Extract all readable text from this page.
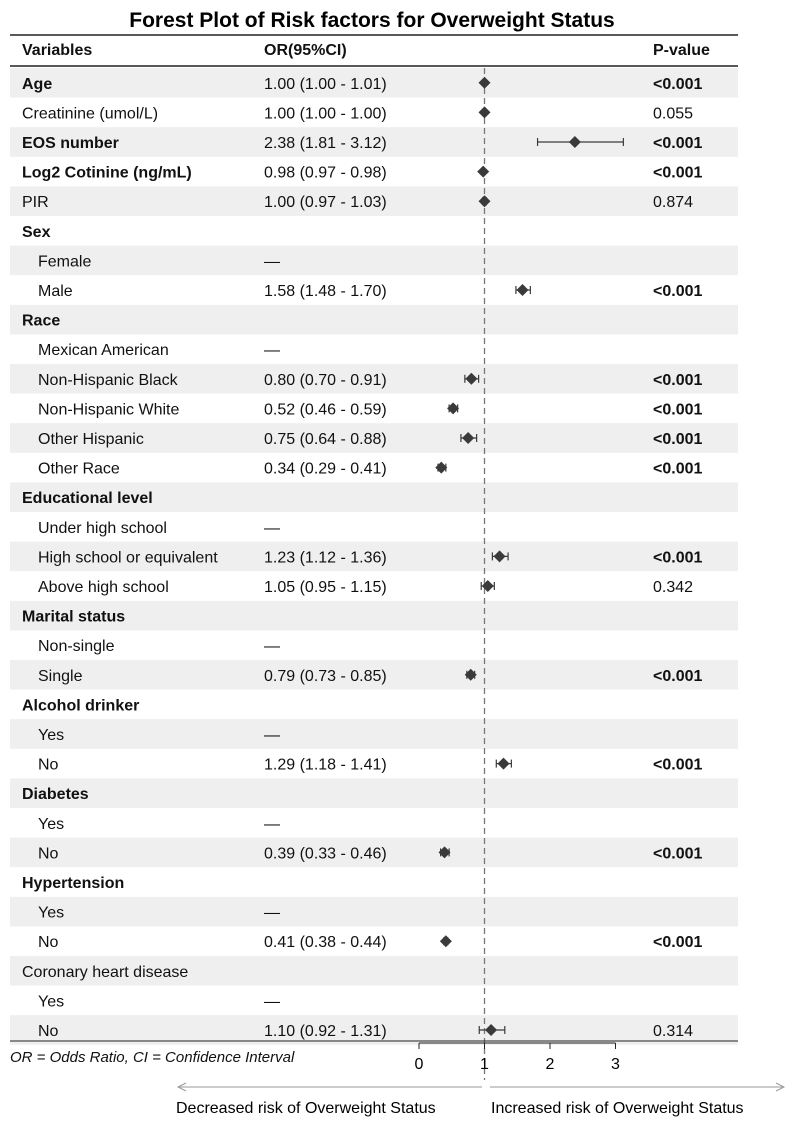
Forest Plot of Risk factors for Overweight Status
Variables	OR(95%CI)	P-value
Age	1.00 (1.00 - 1.01)	<0.001
Creatinine (umol/L)	1.00 (1.00 - 1.00)	0.055
EOS number	2.38 (1.81 - 3.12)	<0.001
Log2 Cotinine (ng/mL)	0.98 (0.97 - 0.98)	<0.001
PIR	1.00 (0.97 - 1.03)	0.874
Sex
Female	—
Male	1.58 (1.48 - 1.70)	<0.001
Race
Mexican American	—
Non-Hispanic Black	0.80 (0.70 - 0.91)	<0.001
Non-Hispanic White	0.52 (0.46 - 0.59)	<0.001
Other Hispanic	0.75 (0.64 - 0.88)	<0.001
Other Race	0.34 (0.29 - 0.41)	<0.001
Educational level
Under high school	—
High school or equivalent	1.23 (1.12 - 1.36)	<0.001
Above high school	1.05 (0.95 - 1.15)	0.342
Marital status
Non-single	—
Single	0.79 (0.73 - 0.85)	<0.001
Alcohol drinker
Yes	—
No	1.29 (1.18 - 1.41)	<0.001
Diabetes
Yes	—
No	0.39 (0.33 - 0.46)	<0.001
Hypertension
Yes	—
No	0.41 (0.38 - 0.44)	<0.001
Coronary heart disease
Yes	—
No	1.10 (0.92 - 1.31)	0.314
OR = Odds Ratio, CI = Confidence Interval	0	1	2	3
Decreased risk of Overweight Status	Increased risk of Overweight Status
